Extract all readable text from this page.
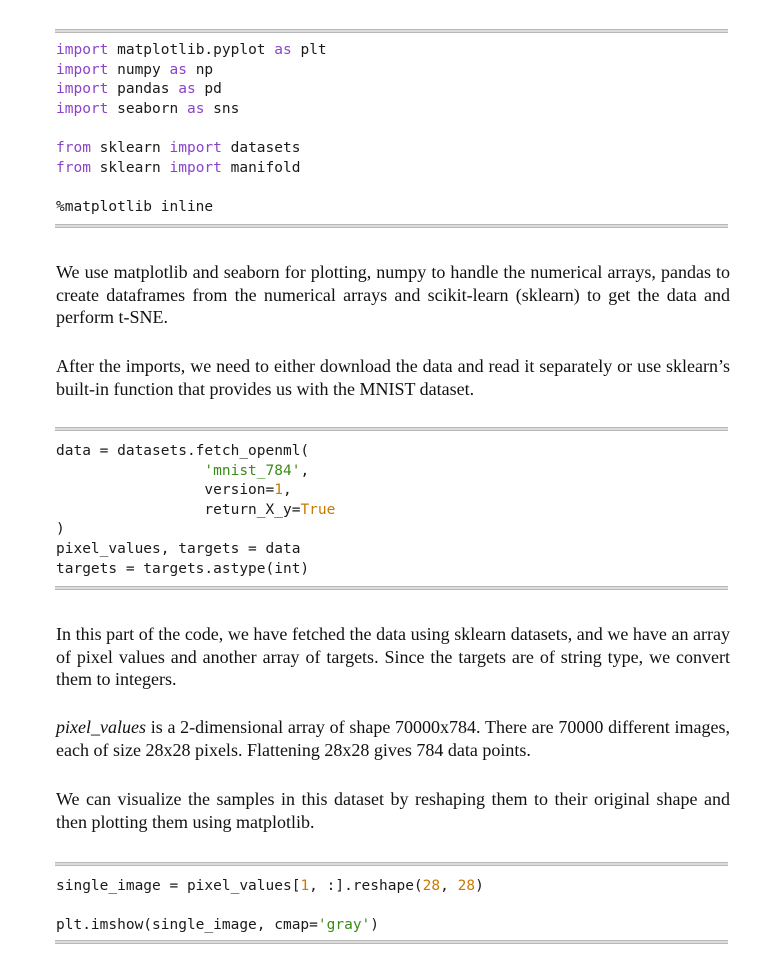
import matplotlib.pyplot as plt
import numpy as np
import pandas as pd
import seaborn as sns

from sklearn import datasets
from sklearn import manifold

%matplotlib inline

We use matplotlib and seaborn for plotting, numpy to handle the numerical arrays, pandas to create dataframes from the numerical arrays and scikit-learn (sklearn) to get the data and perform t-SNE.

After the imports, we need to either download the data and read it separately or use sklearn’s built-in function that provides us with the MNIST dataset.

data = datasets.fetch_openml(
'mnist_784',
version=1,
return_X_y=True
)
pixel_values, targets = data
targets = targets.astype(int)

In this part of the code, we have fetched the data using sklearn datasets, and we have an array of pixel values and another array of targets. Since the targets are of string type, we convert them to integers.

pixel_values is a 2-dimensional array of shape 70000x784. There are 70000 different images, each of size 28x28 pixels. Flattening 28x28 gives 784 data points.

We can visualize the samples in this dataset by reshaping them to their original shape and then plotting them using matplotlib.

single_image = pixel_values[1, :].reshape(28, 28)

plt.imshow(single_image, cmap='gray')
